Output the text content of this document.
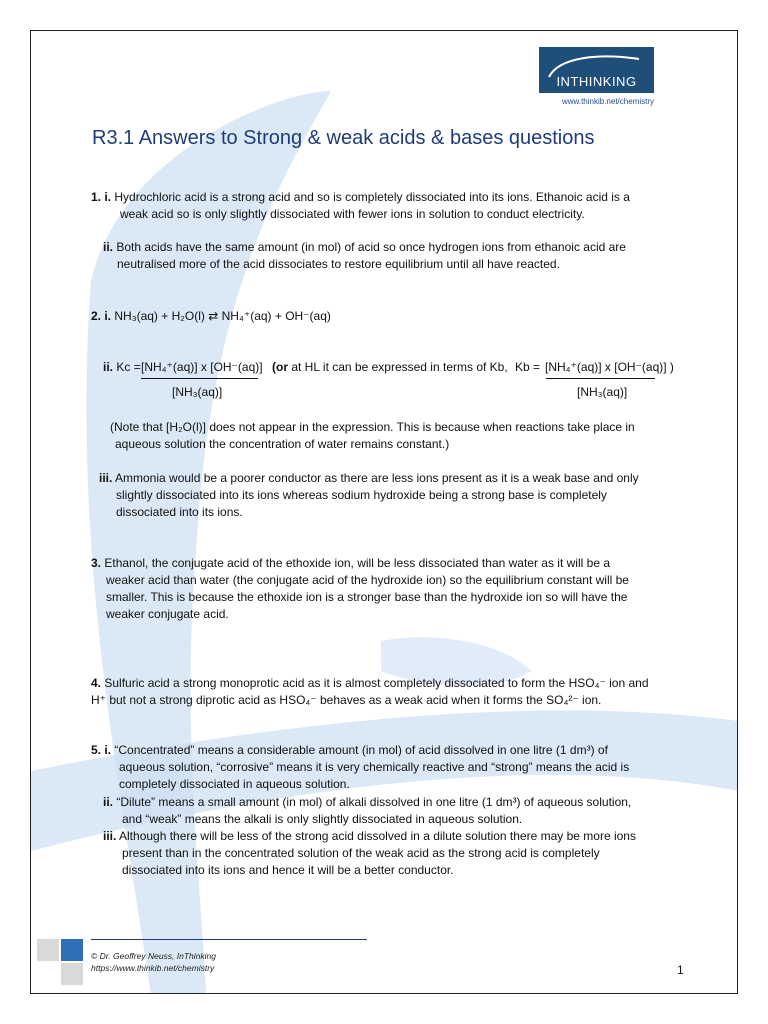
INTHINKING
www.thinkib.net/chemistry
R3.1 Answers to Strong & weak acids & bases questions
1. i. Hydrochloric acid is a strong acid and so is completely dissociated into its ions. Ethanoic acid is a
weak acid so is only slightly dissociated with fewer ions in solution to conduct electricity.
ii. Both acids have the same amount (in mol) of acid so once hydrogen ions from ethanoic acid are
neutralised more of the acid dissociates to restore equilibrium until all have reacted.
2. i. NH₃(aq) + H₂O(l) ⇄ NH₄⁺(aq) + OH⁻(aq)
ii. Kc = [NH₄⁺(aq)] x [OH⁻(aq)]
[NH₃(aq)]
(or at HL it can be expressed in terms of Kb, Kb = [NH₄⁺(aq)] x [OH⁻(aq)] )
[NH₃(aq)]
(Note that [H₂O(l)] does not appear in the expression. This is because when reactions take place in
aqueous solution the concentration of water remains constant.)
iii. Ammonia would be a poorer conductor as there are less ions present as it is a weak base and only
slightly dissociated into its ions whereas sodium hydroxide being a strong base is completely
dissociated into its ions.
3. Ethanol, the conjugate acid of the ethoxide ion, will be less dissociated than water as it will be a
weaker acid than water (the conjugate acid of the hydroxide ion) so the equilibrium constant will be
smaller. This is because the ethoxide ion is a stronger base than the hydroxide ion so will have the
weaker conjugate acid.
4. Sulfuric acid a strong monoprotic acid as it is almost completely dissociated to form the HSO₄⁻ ion and
H⁺ but not a strong diprotic acid as HSO₄⁻ behaves as a weak acid when it forms the SO₄²⁻ ion.
5. i. “Concentrated” means a considerable amount (in mol) of acid dissolved in one litre (1 dm³) of
aqueous solution, “corrosive” means it is very chemically reactive and “strong” means the acid is
completely dissociated in aqueous solution.
ii. “Dilute” means a small amount (in mol) of alkali dissolved in one litre (1 dm³) of aqueous solution,
and “weak” means the alkali is only slightly dissociated in aqueous solution.
iii. Although there will be less of the strong acid dissolved in a dilute solution there may be more ions
present than in the concentrated solution of the weak acid as the strong acid is completely
dissociated into its ions and hence it will be a better conductor.
© Dr. Geoffrey Neuss, InThinking
https://www.thinkib.net/chemistry	1
